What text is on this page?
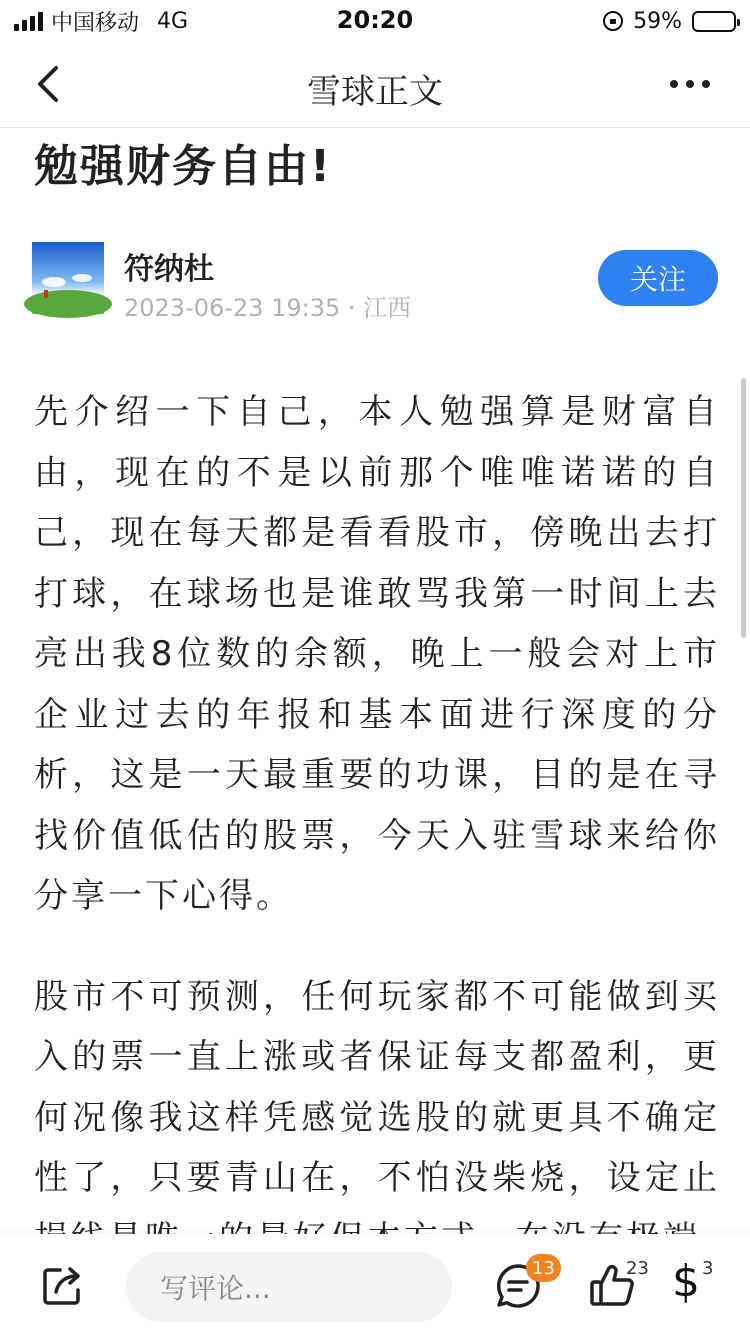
中国移动 4G	20:20	59%
雪球正文
勉强财务自由!
符纳杜
2023-06-23 19:35 · 江西
关注

先介绍一下自己，本人勉强算是财富自由，现在的不是以前那个唯唯诺诺的自己，现在每天都是看看股市，傍晚出去打打球，在球场也是谁敢骂我第一时间上去亮出我8位数的余额，晚上一般会对上市企业过去的年报和基本面进行深度的分析，这是一天最重要的功课，目的是在寻找价值低估的股票，今天入驻雪球来给你分享一下心得。

股市不可预测，任何玩家都不可能做到买入的票一直上涨或者保证每支都盈利，更何况像我这样凭感觉选股的就更具不确定性了，只要青山在，不怕没柴烧，设定止

写评论...
13	23 $ 3
